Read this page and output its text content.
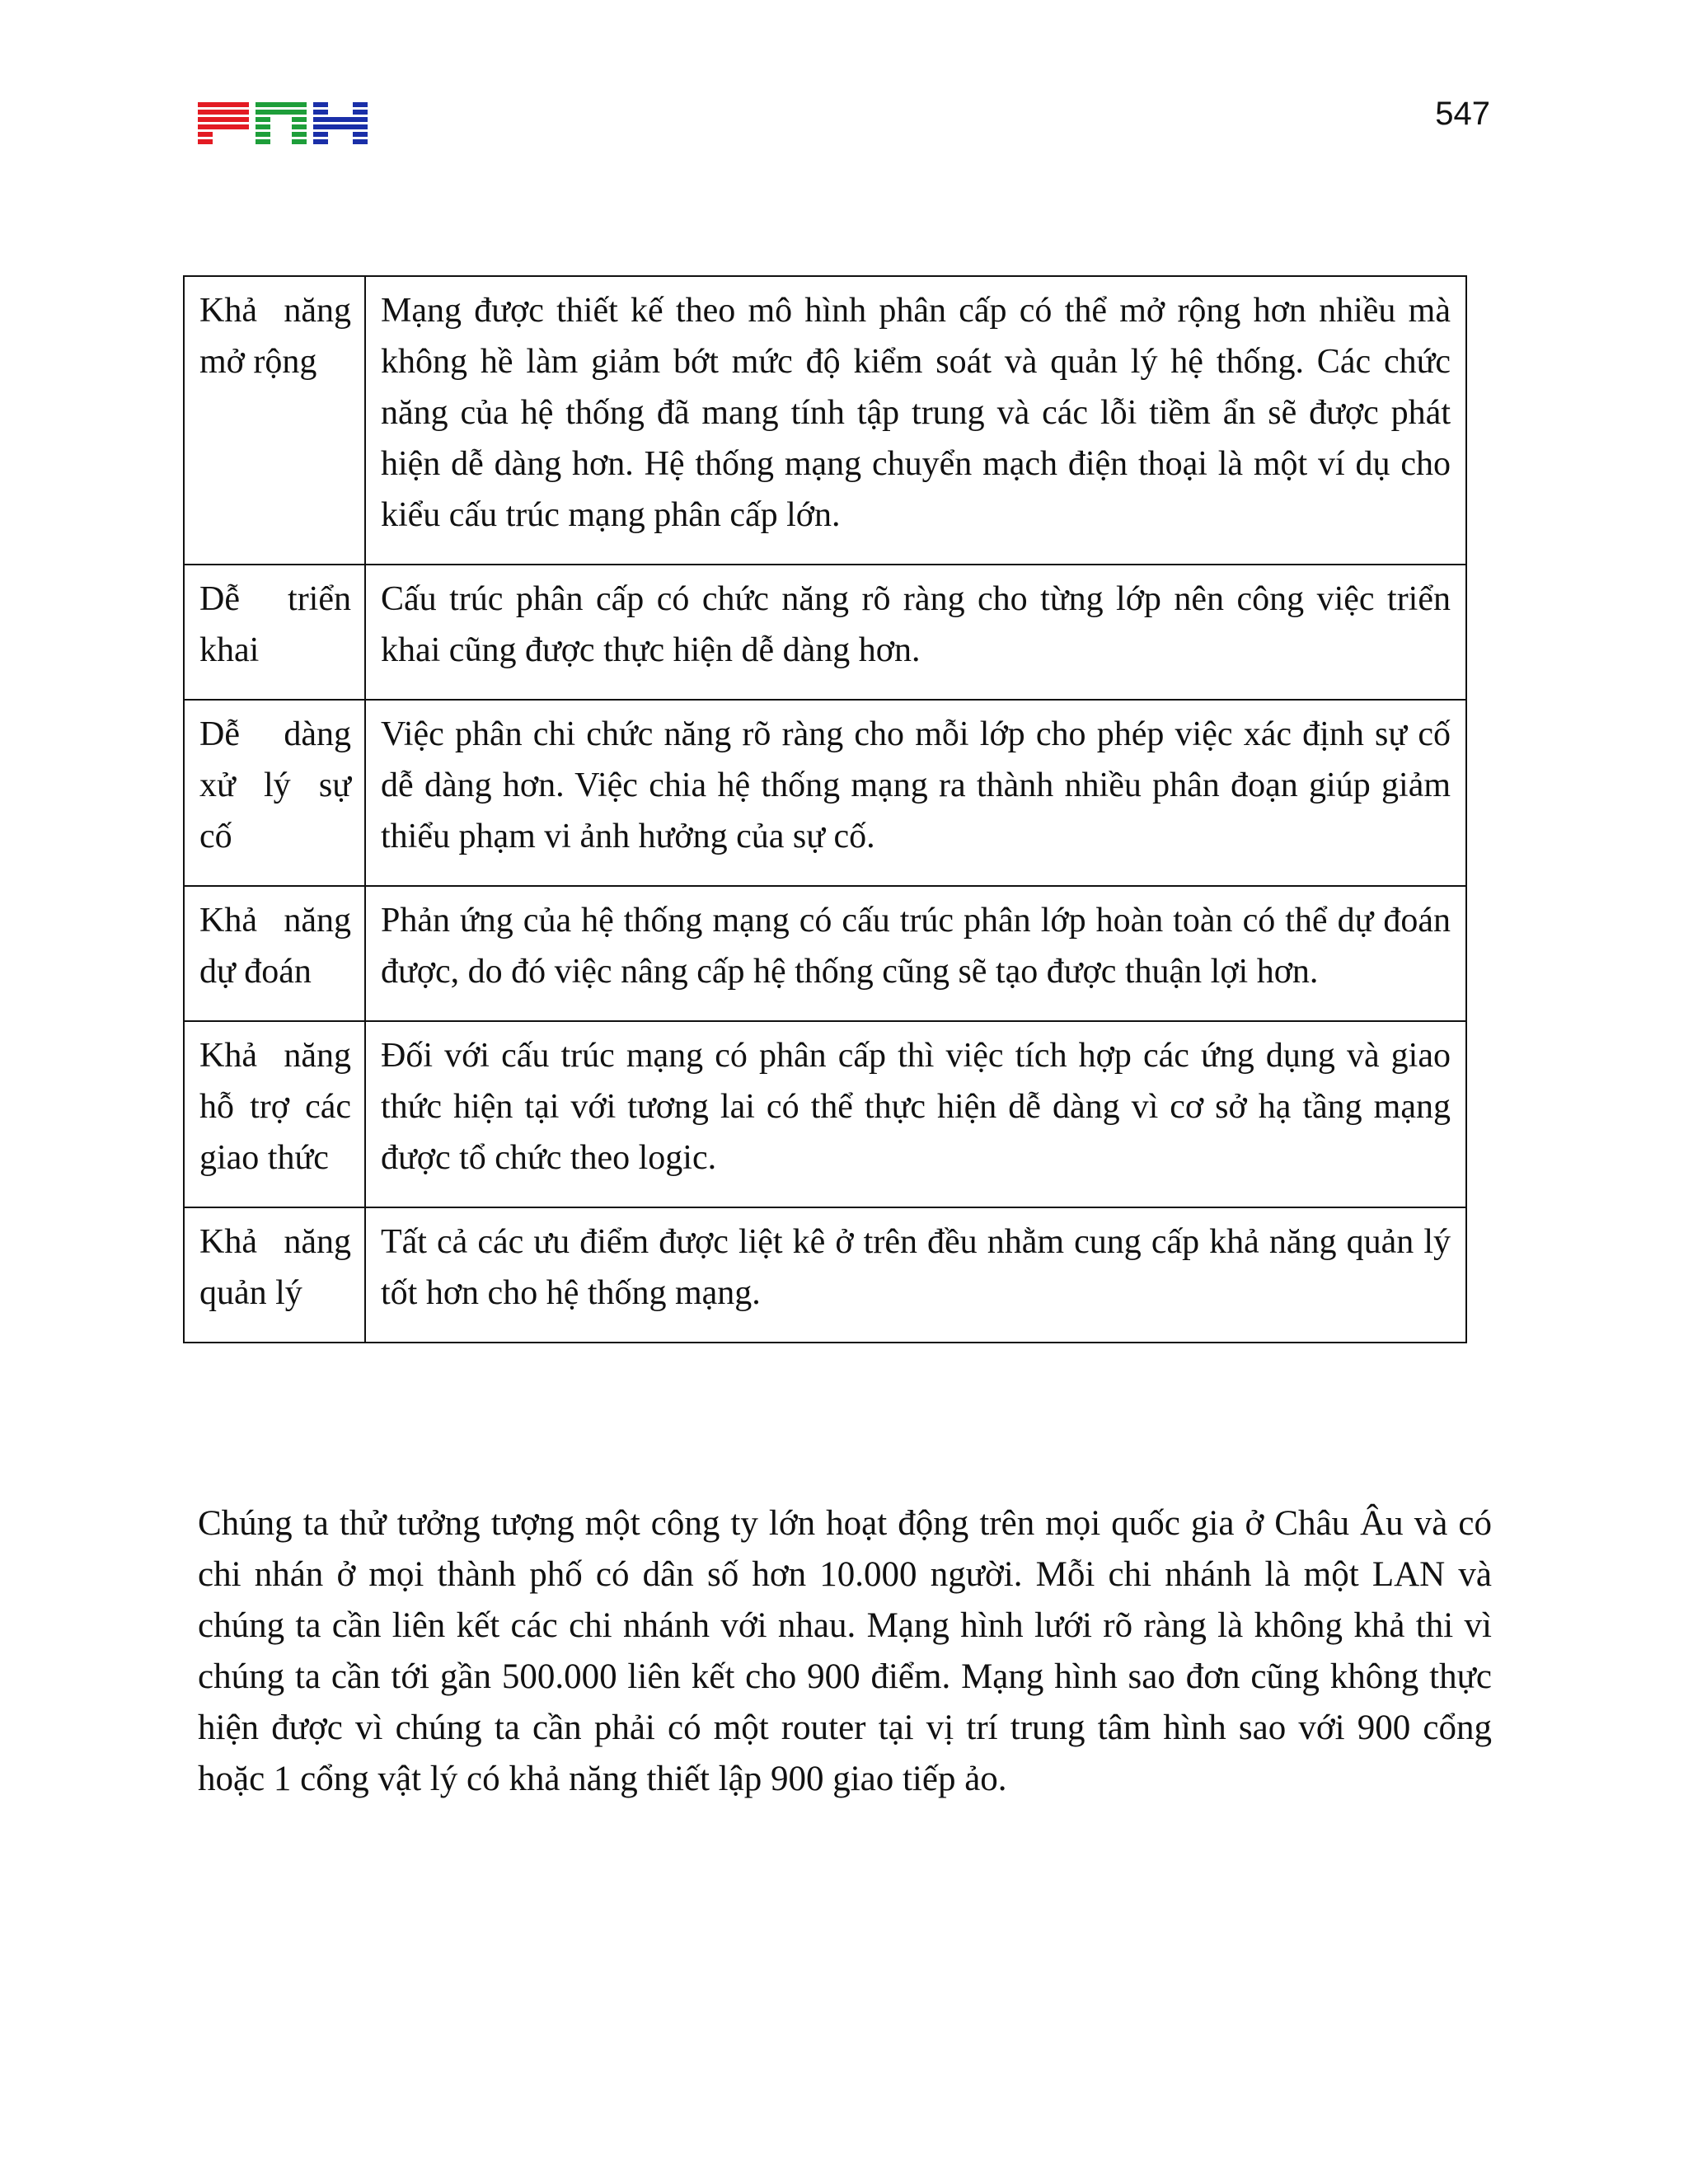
547
Khả năng mở rộng	Mạng được thiết kế theo mô hình phân cấp có thể mở rộng hơn nhiều mà không hề làm giảm bớt mức độ kiểm soát và quản lý hệ thống. Các chức năng của hệ thống đã mang tính tập trung và các lỗi tiềm ẩn sẽ được phát hiện dễ dàng hơn. Hệ thống mạng chuyển mạch điện thoại là một ví dụ cho kiểu cấu trúc mạng phân cấp lớn.
Dễ triển khai	Cấu trúc phân cấp có chức năng rõ ràng cho từng lớp nên công việc triển khai cũng được thực hiện dễ dàng hơn.
Dễ dàng xử lý sự cố	Việc phân chi chức năng rõ ràng cho mỗi lớp cho phép việc xác định sự cố dễ dàng hơn. Việc chia hệ thống mạng ra thành nhiều phân đoạn giúp giảm thiểu phạm vi ảnh hưởng của sự cố.
Khả năng dự đoán	Phản ứng của hệ thống mạng có cấu trúc phân lớp hoàn toàn có thể dự đoán được, do đó việc nâng cấp hệ thống cũng sẽ tạo được thuận lợi hơn.
Khả năng hỗ trợ các giao thức	Đối với cấu trúc mạng có phân cấp thì việc tích hợp các ứng dụng và giao thức hiện tại với tương lai có thể thực hiện dễ dàng vì cơ sở hạ tầng mạng được tổ chức theo logic.
Khả năng quản lý	Tất cả các ưu điểm được liệt kê ở trên đều nhằm cung cấp khả năng quản lý tốt hơn cho hệ thống mạng.

Chúng ta thử tưởng tượng một công ty lớn hoạt động trên mọi quốc gia ở Châu Âu và có chi nhán ở mọi thành phố có dân số hơn 10.000 người. Mỗi chi nhánh là một LAN và chúng ta cần liên kết các chi nhánh với nhau. Mạng hình lưới rõ ràng là không khả thi vì chúng ta cần tới gần 500.000 liên kết cho 900 điểm. Mạng hình sao đơn cũng không thực hiện được vì chúng ta cần phải có một router tại vị trí trung tâm hình sao với 900 cổng hoặc 1 cổng vật lý có khả năng thiết lập 900 giao tiếp ảo.
